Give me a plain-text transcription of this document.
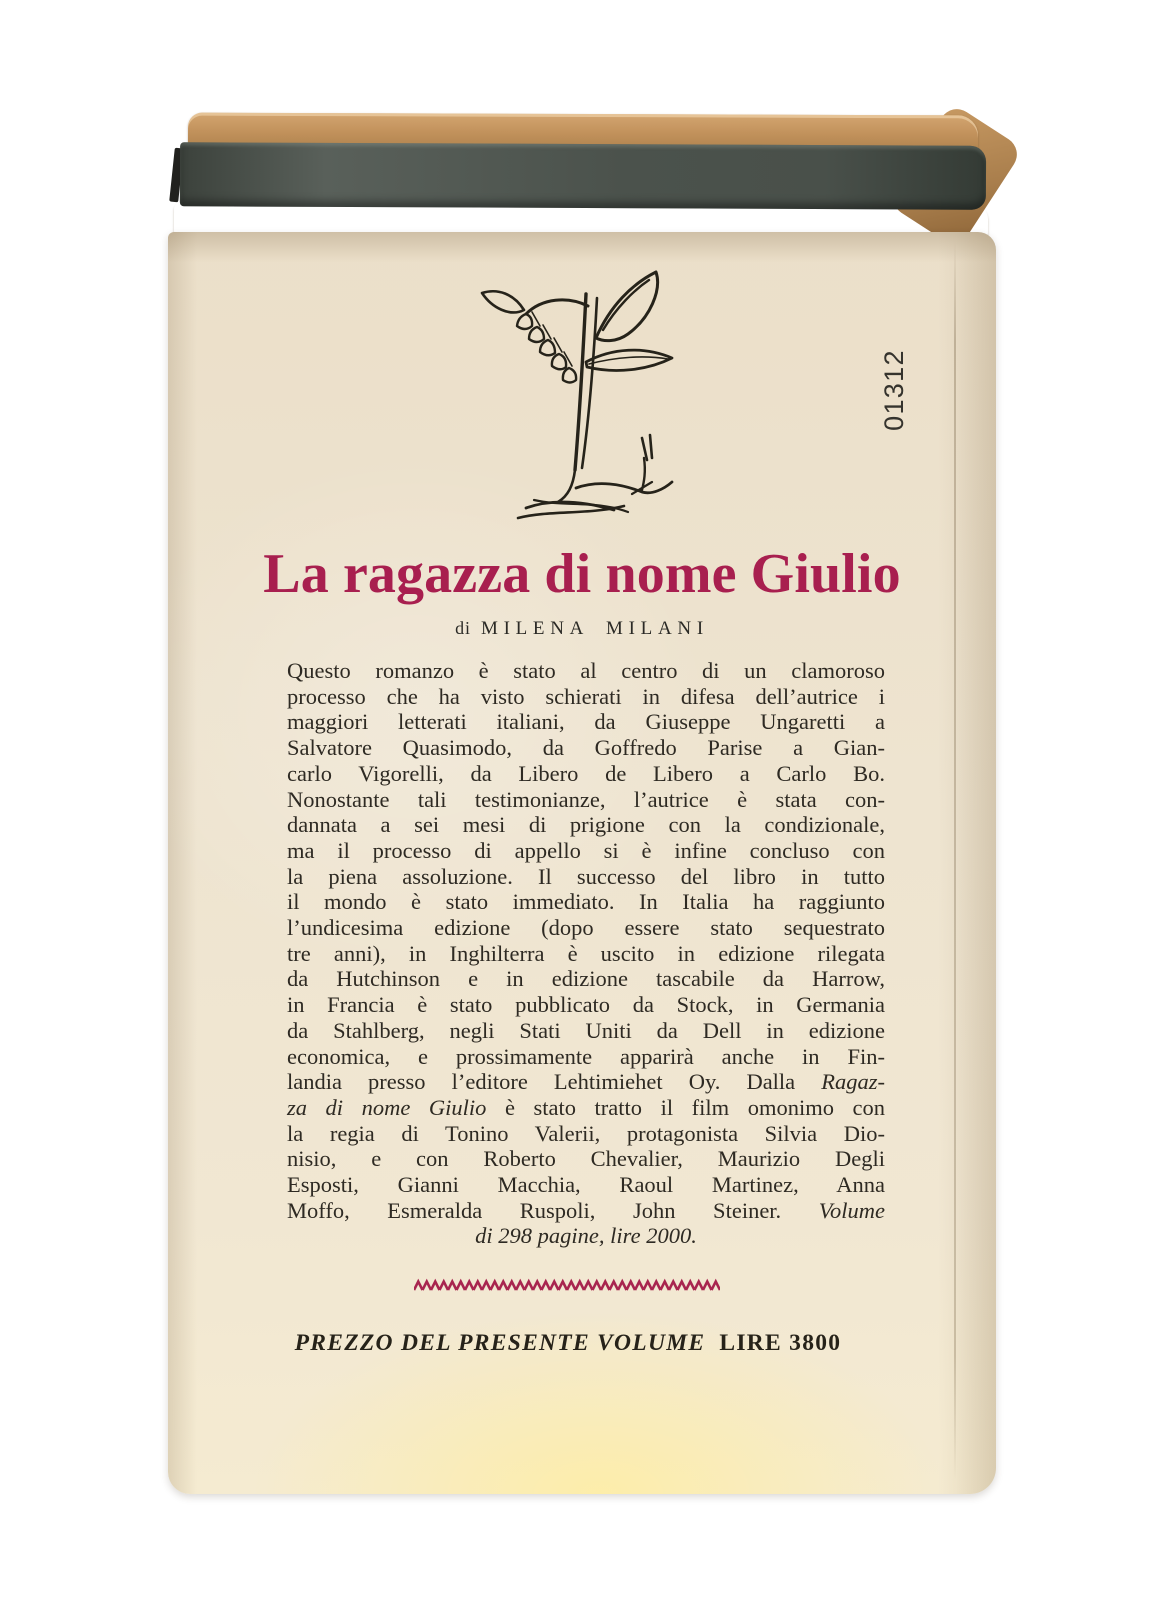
La ragazza di nome Giulio
di MILENA MILANI
Questo romanzo è stato al centro di un clamoroso
processo che ha visto schierati in difesa dell’autrice i
maggiori letterati italiani, da Giuseppe Ungaretti a
Salvatore Quasimodo, da Goffredo Parise a Gian-
carlo Vigorelli, da Libero de Libero a Carlo Bo.
Nonostante tali testimonianze, l’autrice è stata con-
dannata a sei mesi di prigione con la condizionale,
ma il processo di appello si è infine concluso con
la piena assoluzione. Il successo del libro in tutto
il mondo è stato immediato. In Italia ha raggiunto
l’undicesima edizione (dopo essere stato sequestrato
tre anni), in Inghilterra è uscito in edizione rilegata
da Hutchinson e in edizione tascabile da Harrow,
in Francia è stato pubblicato da Stock, in Germania
da Stahlberg, negli Stati Uniti da Dell in edizione
economica, e prossimamente apparirà anche in Fin-
landia presso l’editore Lehtimiehet Oy. Dalla Ragaz-
za di nome Giulio è stato tratto il film omonimo con
la regia di Tonino Valerii, protagonista Silvia Dio-
nisio, e con Roberto Chevalier, Maurizio Degli
Esposti, Gianni Macchia, Raoul Martinez, Anna
Moffo, Esmeralda Ruspoli, John Steiner. Volume
di 298 pagine, lire 2000.
PREZZO DEL PRESENTE VOLUME LIRE 3800
01312
